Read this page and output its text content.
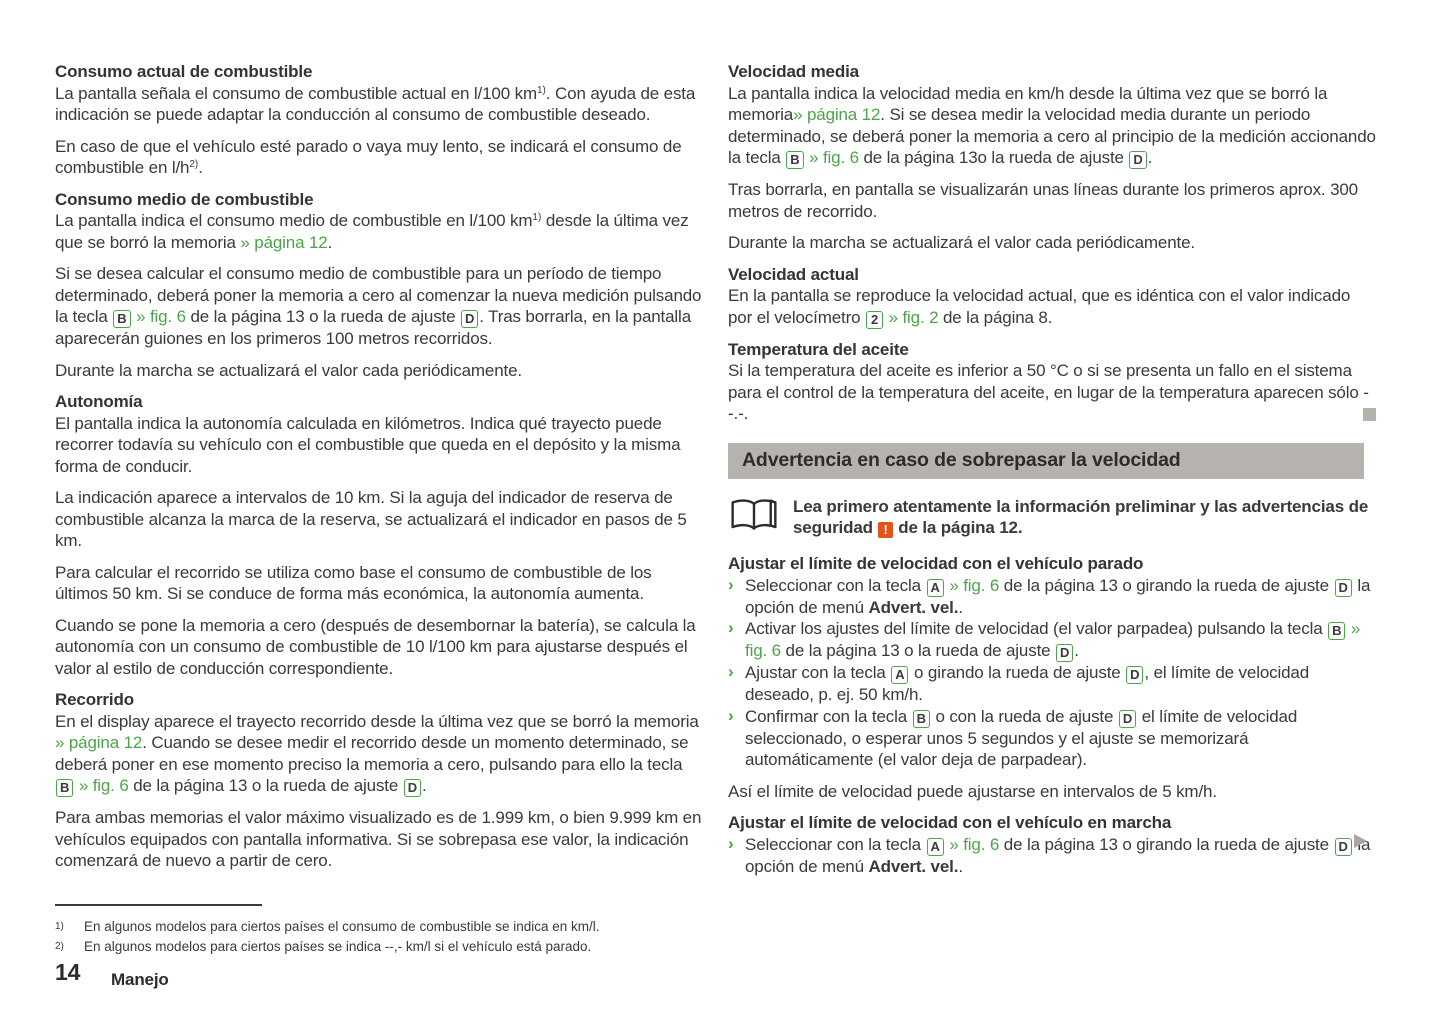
Consumo actual de combustible
La pantalla señala el consumo de combustible actual en l/100 $km^{1)}$. Con ayuda de esta indicación se puede adaptar la conducción al consumo de combustible deseado.
En caso de que el vehículo esté parado o vaya muy lento, se indicará el consumo de combustible en $l/h^{2)}$.
Consumo medio de combustible
La pantalla indica el consumo medio de combustible en l/100 $km^{1)}$ desde la última vez que se borró la memoria » página 12.
Si se desea calcular el consumo medio de combustible para un período de tiempo determinado, deberá poner la memoria a cero al comenzar la nueva medición pulsando la tecla B » fig. 6 de la página 13 o la rueda de ajuste D . Tras borrarla, en la pantalla aparecerán guiones en los primeros 100 metros recorridos.
Durante la marcha se actualizará el valor cada periódicamente.
Autonomía
El pantalla indica la autonomía calculada en kilómetros. Indica qué trayecto puede recorrer todavía su vehículo con el combustible que queda en el depósito y la misma forma de conducir.
La indicación aparece a intervalos de 10 km. Si la aguja del indicador de reserva de combustible alcanza la marca de la reserva, se actualizará el indicador en pasos de 5 km.
Para calcular el recorrido se utiliza como base el consumo de combustible de los últimos 50 km. Si se conduce de forma más económica, la autonomía aumenta.
Cuando se pone la memoria a cero (después de desembornar la batería), se calcula la autonomía con un consumo de combustible de 10 l/100 km para ajustarse después el valor al estilo de conducción correspondiente.
Recorrido
En el display aparece el trayecto recorrido desde la última vez que se borró la memoria » página 12. Cuando se desee medir el recorrido desde un momento determinado, se deberá poner en ese momento preciso la memoria a cero, pulsando para ello la tecla B » fig. 6 de la página 13 o la rueda de ajuste D .
Para ambas memorias el valor máximo visualizado es de 1.999 km, o bien 9.999 km en vehículos equipados con pantalla informativa. Si se sobrepasa ese valor, la indicación comenzará de nuevo a partir de cero.
1) En algunos modelos para ciertos países el consumo de combustible se indica en km/l.
2) En algunos modelos para ciertos países se indica --,- km/l si el vehículo está parado.
Velocidad media
La pantalla indica la velocidad media en km/h desde la última vez que se borró la memoria» página 12. Si se desea medir la velocidad media durante un periodo determinado, se deberá poner la memoria a cero al principio de la medición accionando la tecla B » fig. 6 de la página 13o la rueda de ajuste D .
Tras borrarla, en pantalla se visualizarán unas líneas durante los primeros aprox. 300 metros de recorrido.
Durante la marcha se actualizará el valor cada periódicamente.
Velocidad actual
En la pantalla se reproduce la velocidad actual, que es idéntica con el valor indicado por el velocímetro 2 » fig. 2 de la página 8.
Temperatura del aceite
Si la temperatura del aceite es inferior a 50 °C o si se presenta un fallo en el sistema para el control de la temperatura del aceite, en lugar de la temperatura aparecen sólo - -.-.
Advertencia en caso de sobrepasar la velocidad
Lea primero atentamente la información preliminar y las advertencias de seguridad ! de la página 12.
Ajustar el límite de velocidad con el vehículo parado
› Seleccionar con la tecla A » fig. 6 de la página 13 o girando la rueda de ajuste D la opción de menú Advert. vel..
› Activar los ajustes del límite de velocidad (el valor parpadea) pulsando la tecla B » fig. 6 de la página 13 o la rueda de ajuste D .
› Ajustar con la tecla A o girando la rueda de ajuste D , el límite de velocidad deseado, p. ej. 50 km/h.
› Confirmar con la tecla B o con la rueda de ajuste D el límite de velocidad seleccionado, o esperar unos 5 segundos y el ajuste se memorizará automáticamente (el valor deja de parpadear).
Así el límite de velocidad puede ajustarse en intervalos de 5 km/h.
Ajustar el límite de velocidad con el vehículo en marcha
› Seleccionar con la tecla A » fig. 6 de la página 13 o girando la rueda de ajuste D la opción de menú Advert. vel..
14 Manejo
